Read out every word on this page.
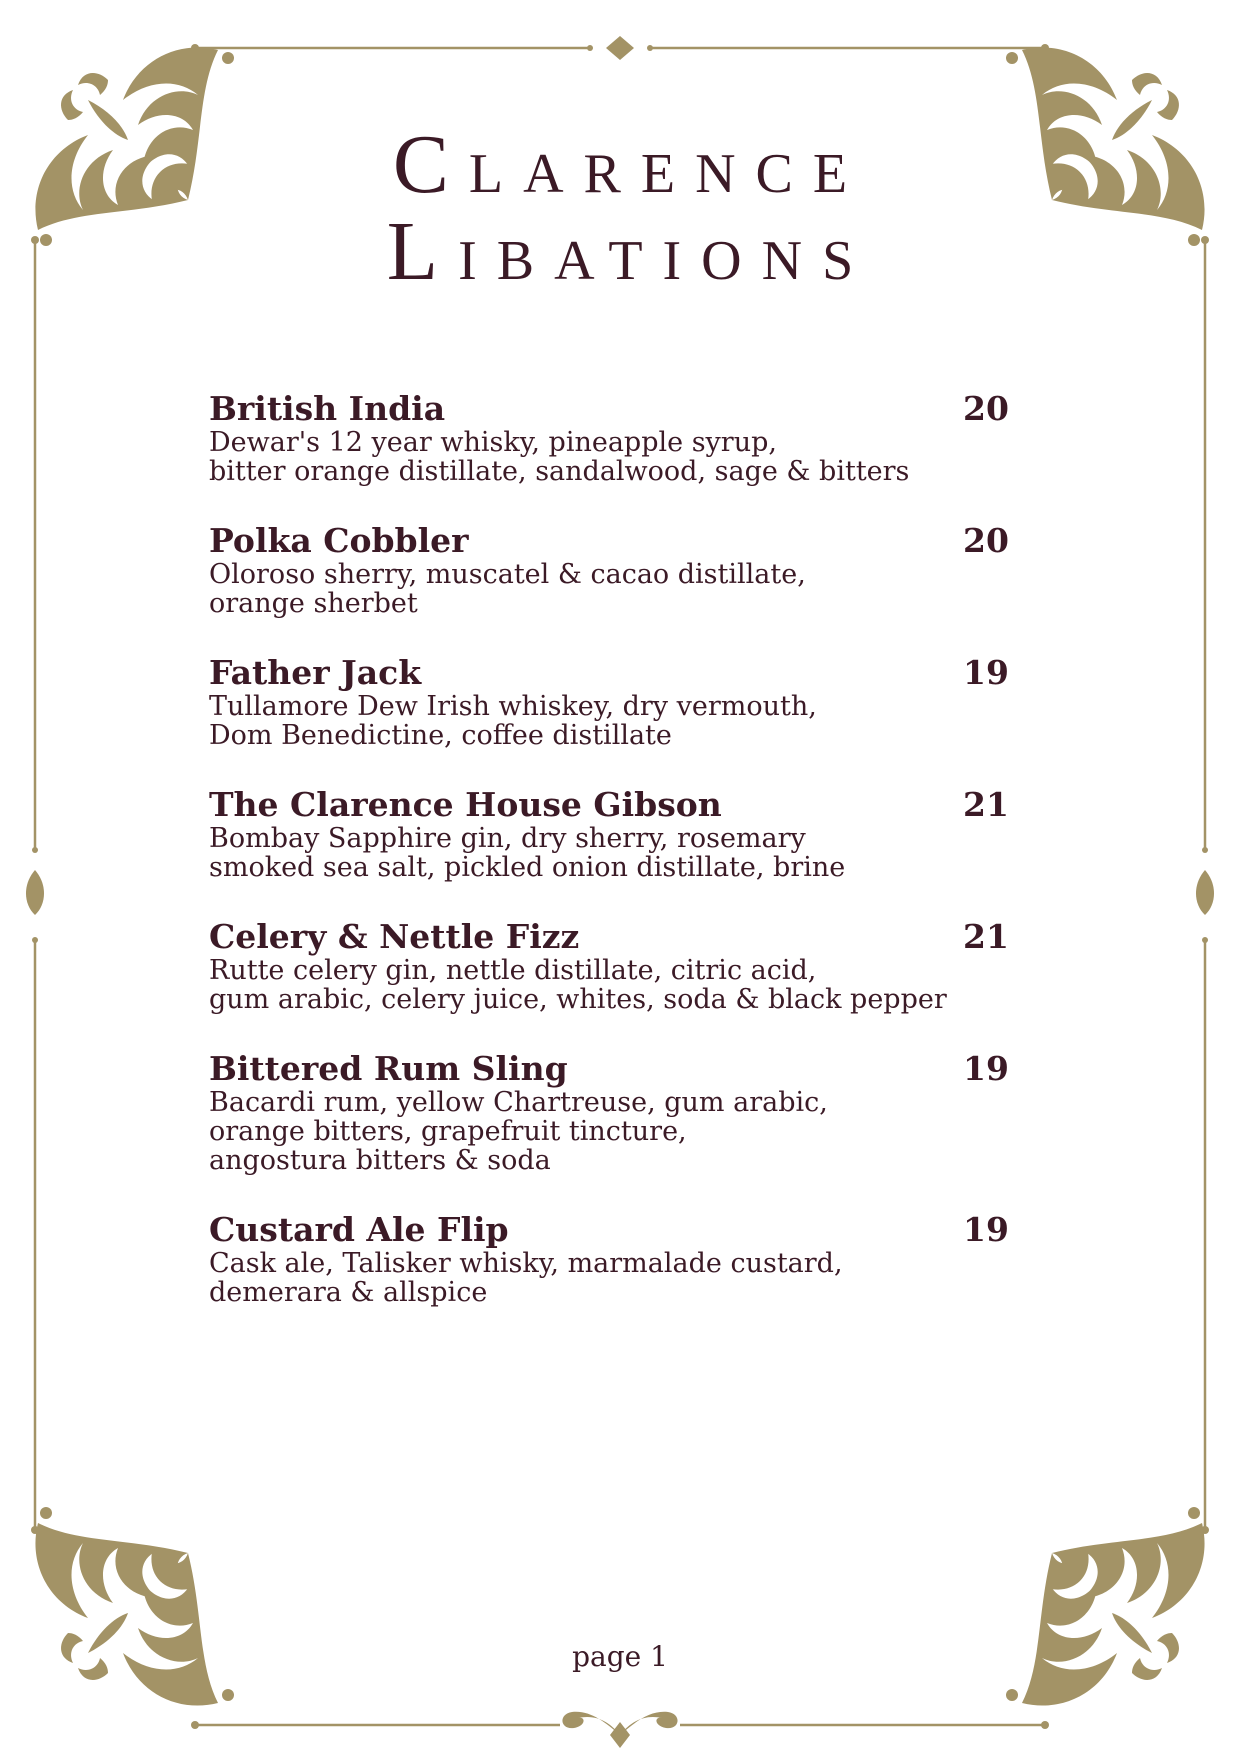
CLARENCE
LIBATIONS
British India	20
Dewar's 12 year whisky, pineapple syrup,
bitter orange distillate, sandalwood, sage & bitters
Polka Cobbler	20
Oloroso sherry, muscatel & cacao distillate,
orange sherbet
Father Jack	19
Tullamore Dew Irish whiskey, dry vermouth,
Dom Benedictine, coffee distillate
The Clarence House Gibson	21
Bombay Sapphire gin, dry sherry, rosemary
smoked sea salt, pickled onion distillate, brine
Celery & Nettle Fizz	21
Rutte celery gin, nettle distillate, citric acid,
gum arabic, celery juice, whites, soda & black pepper
Bittered Rum Sling	19
Bacardi rum, yellow Chartreuse, gum arabic,
orange bitters, grapefruit tincture,
angostura bitters & soda
Custard Ale Flip	19
Cask ale, Talisker whisky, marmalade custard,
demerara & allspice
page 1
